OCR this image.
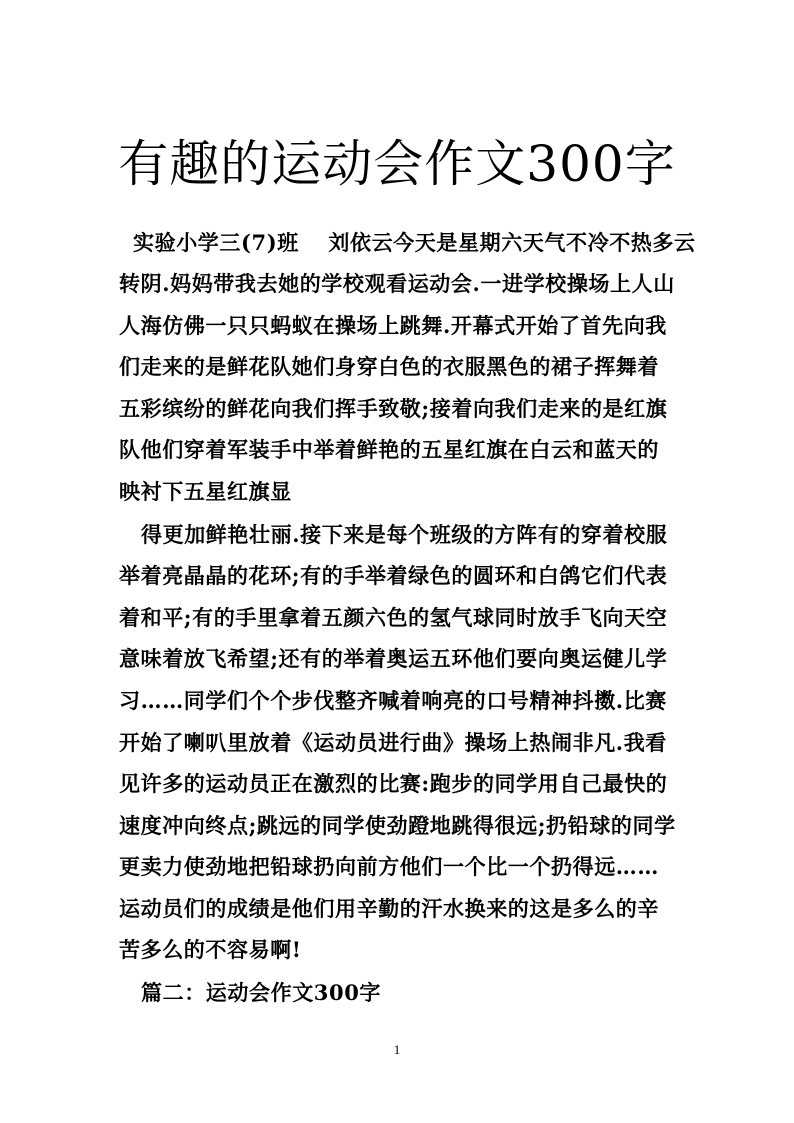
有趣的运动会作文300字
实验小学三(7)班　 刘依云今天是星期六天气不冷不热多云
转阴.妈妈带我去她的学校观看运动会.一进学校操场上人山
人海仿佛一只只蚂蚁在操场上跳舞.开幕式开始了首先向我
们走来的是鲜花队她们身穿白色的衣服黑色的裙子挥舞着
五彩缤纷的鲜花向我们挥手致敬;接着向我们走来的是红旗
队他们穿着军装手中举着鲜艳的五星红旗在白云和蓝天的
映衬下五星红旗显
得更加鲜艳壮丽.接下来是每个班级的方阵有的穿着校服
举着亮晶晶的花环;有的手举着绿色的圆环和白鸽它们代表
着和平;有的手里拿着五颜六色的氢气球同时放手飞向天空
意味着放飞希望;还有的举着奥运五环他们要向奥运健儿学
习……同学们个个步伐整齐喊着响亮的口号精神抖擞.比赛
开始了喇叭里放着《运动员进行曲》操场上热闹非凡.我看
见许多的运动员正在激烈的比赛:跑步的同学用自己最快的
速度冲向终点;跳远的同学使劲蹬地跳得很远;扔铅球的同学
更卖力使劲地把铅球扔向前方他们一个比一个扔得远……
运动员们的成绩是他们用辛勤的汗水换来的这是多么的辛
苦多么的不容易啊!
篇二：运动会作文300字
1
